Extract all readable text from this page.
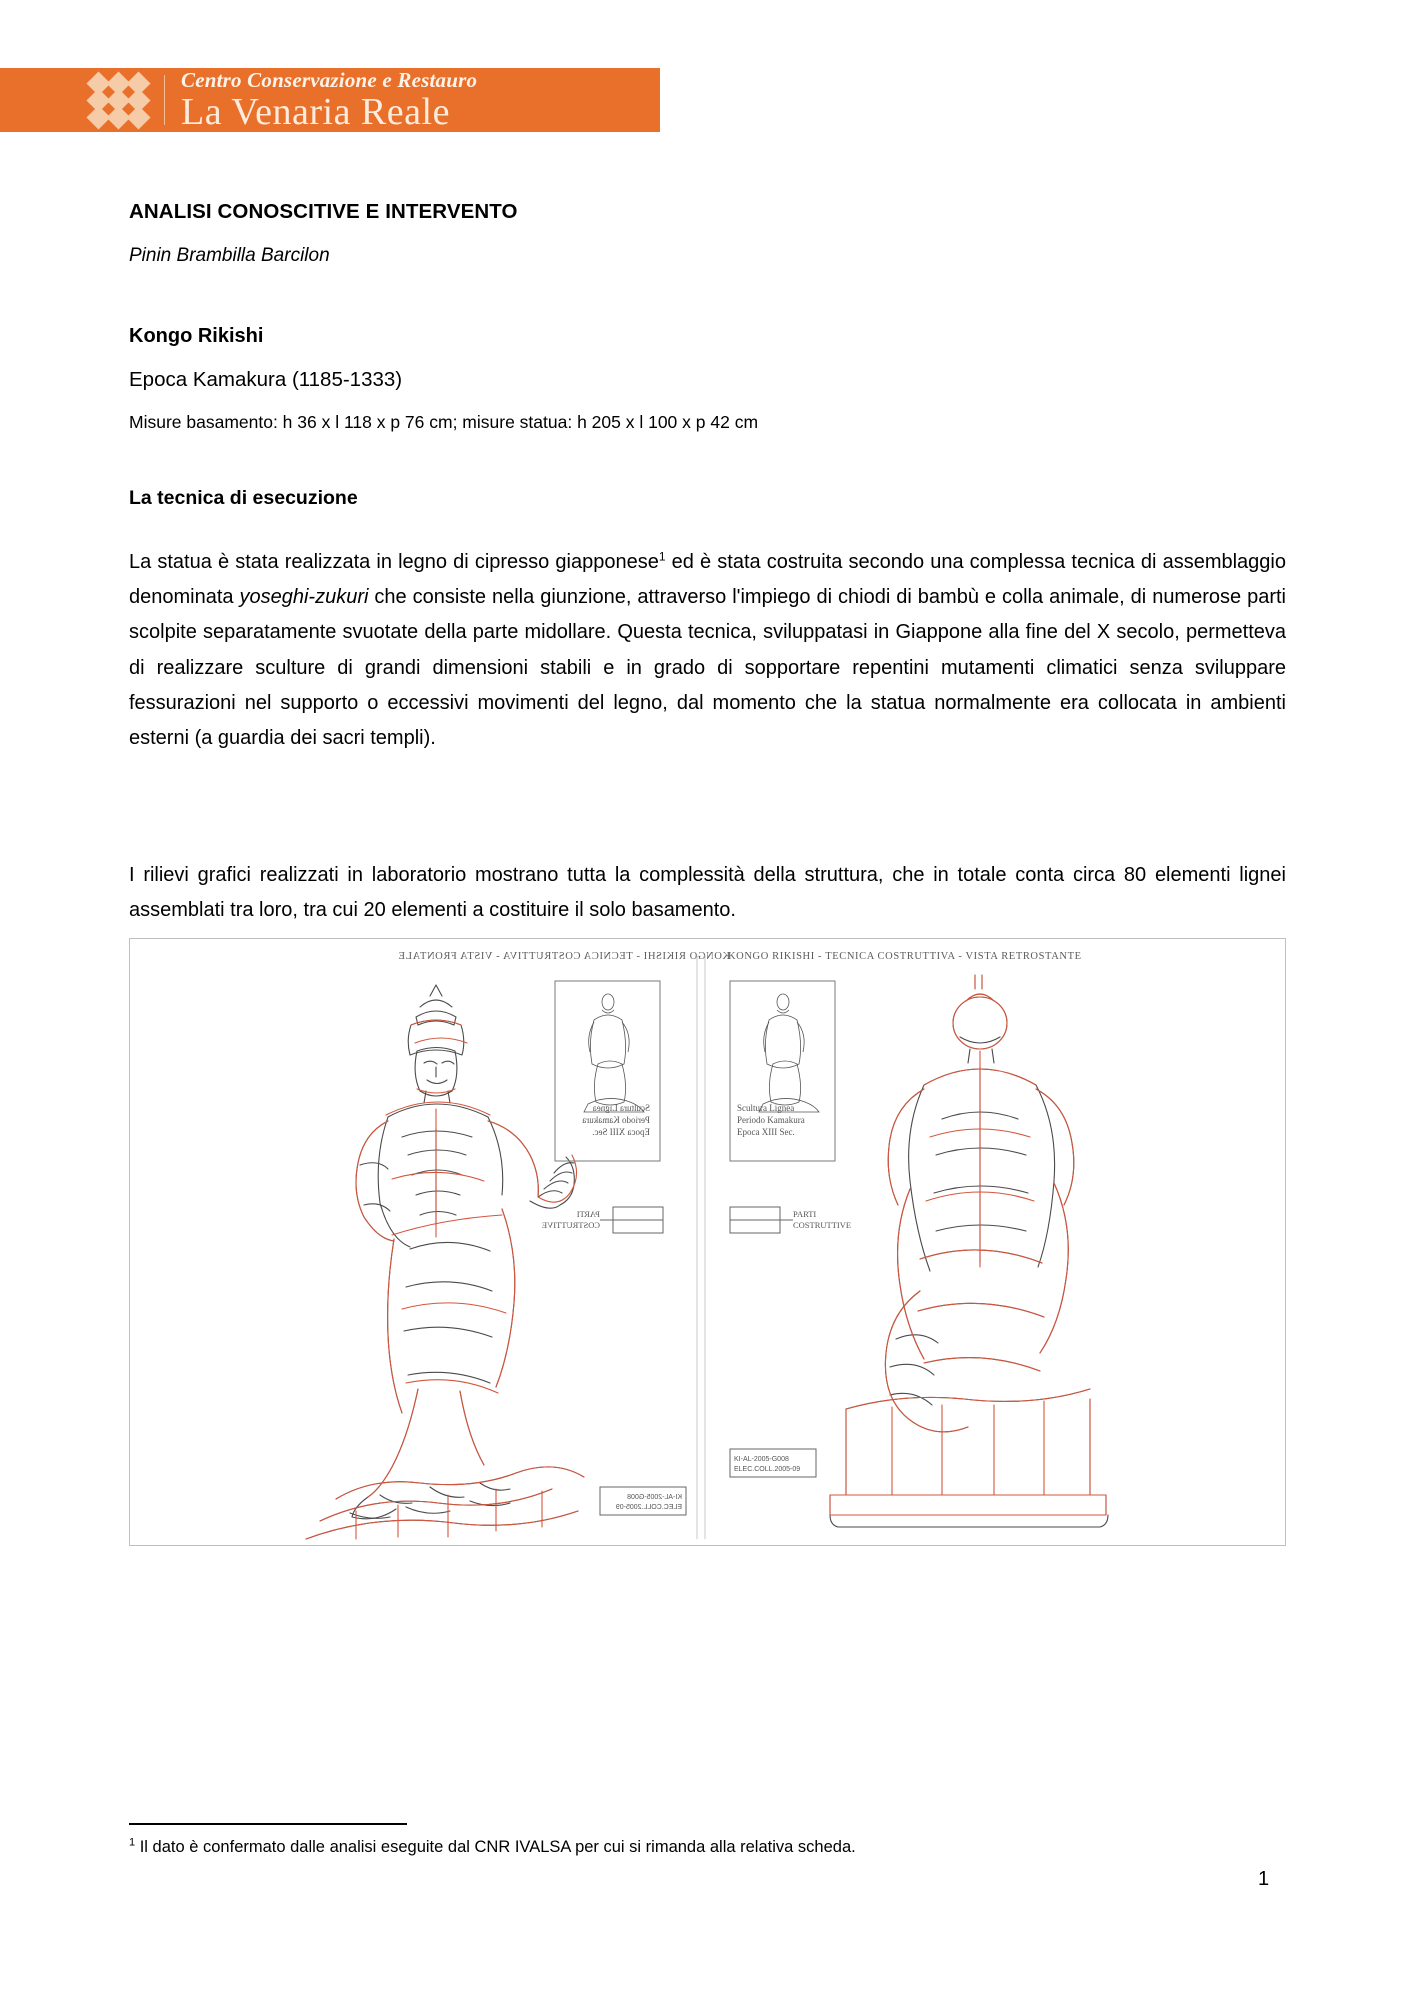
Centro Conservazione e Restauro
La Venaria Reale
ANALISI CONOSCITIVE E INTERVENTO
Pinin Brambilla Barcilon
Kongo Rikishi
Epoca Kamakura (1185-1333)
Misure basamento: h 36 x l 118 x p 76 cm; misure statua: h 205 x l 100 x p 42 cm
La tecnica di esecuzione

La statua è stata realizzata in legno di cipresso giapponese$^1$ ed è stata costruita secondo una complessa tecnica di assemblaggio denominata yoseghi-zukuri che consiste nella giunzione, attraverso l'impiego di chiodi di bambù e colla animale, di numerose parti scolpite separatamente svuotate della parte midollare. Questa tecnica, sviluppatasi in Giappone alla fine del X secolo, permetteva di realizzare sculture di grandi dimensioni stabili e in grado di sopportare repentini mutamenti climatici senza sviluppare fessurazioni nel supporto o eccessivi movimenti del legno, dal momento che la statua normalmente era collocata in ambienti esterni (a guardia dei sacri templi).

I rilievi grafici realizzati in laboratorio mostrano tutta la complessità della struttura, che in totale conta circa 80 elementi lignei assemblati tra loro, tra cui 20 elementi a costituire il solo basamento.

KONGO RIKISHI - TECNICA COSTRUTTIVA - VISTA FRONTALE
Scultura Lignea
Periodo Kamakura
Epoca XIII Sec.
PARTI
COSTRUTTIVE
KI-AL-2005-G008
ELEC.COLL.2005-09
KONGO RIKISHI - TECNICA COSTRUTTIVA - VISTA RETROSTANTE
Scultura Lignea
Periodo Kamakura
Epoca XIII Sec.
PARTI
COSTRUTTIVE
KI-AL-2005-G008
ELEC.COLL.2005-09
$^1$ Il dato è confermato dalle analisi eseguite dal CNR IVALSA per cui si rimanda alla relativa scheda.
1
